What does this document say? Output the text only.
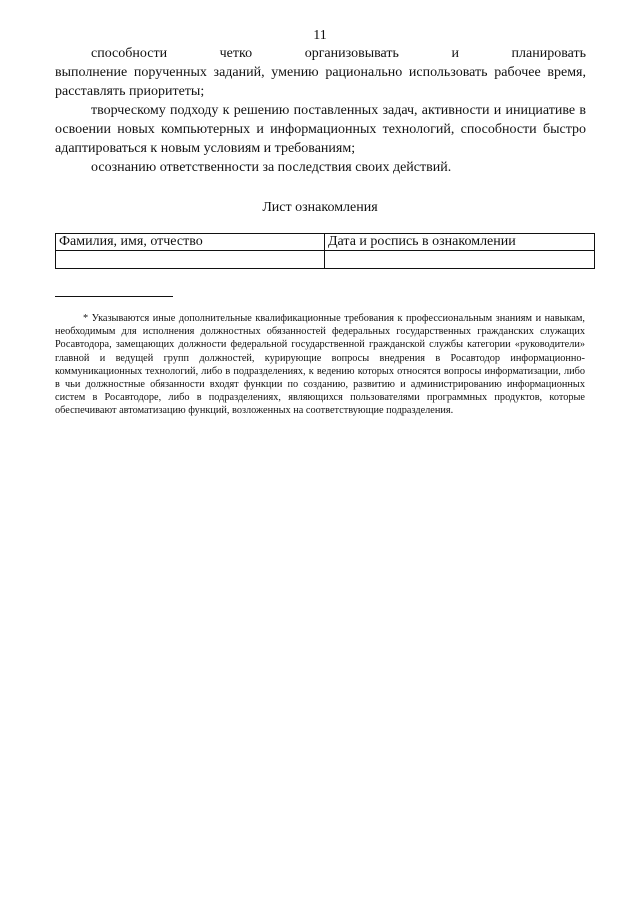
11
способности четко организовывать и планировать
выполнение порученных заданий, умению рационально использовать рабочее время, расставлять приоритеты;

творческому подходу к решению поставленных задач, активности и инициативе в освоении новых компьютерных и информационных технологий, способности быстро адаптироваться к новым условиям и требованиям;

осознанию ответственности за последствия своих действий.

Лист ознакомления
Фамилия, имя, отчество	Дата и роспись в ознакомлении

* Указываются иные дополнительные квалификационные требования к профессиональным знаниям и навыкам, необходимым для исполнения должностных обязанностей федеральных государственных гражданских служащих Росавтодора, замещающих должности федеральной государственной гражданской службы категории «руководители» главной и ведущей групп должностей, курирующие вопросы внедрения в Росавтодор информационно-коммуникационных технологий, либо в подразделениях, к ведению которых относятся вопросы информатизации, либо в чьи должностные обязанности входят функции по созданию, развитию и администрированию информационных систем в Росавтодоре, либо в подразделениях, являющихся пользователями программных продуктов, которые обеспечивают автоматизацию функций, возложенных на соответствующие подразделения.
